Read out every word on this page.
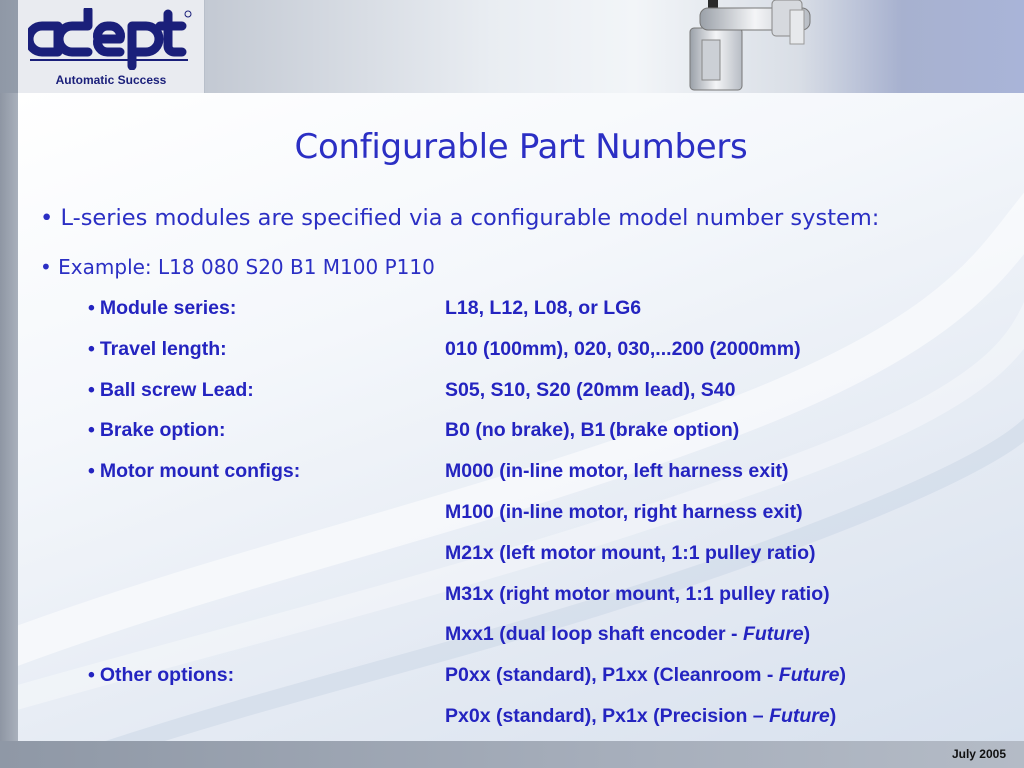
Automatic Success
Configurable Part Numbers
• L-series modules are specified via a configurable model number system:
• Example: L18 080 S20 B1 M100 P110
• Module series:	L18, L12, L08, or LG6
• Travel length:	010 (100mm), 020, 030,...200 (2000mm)
• Ball screw Lead:	S05, S10, S20 (20mm lead), S40
• Brake option:	B0 (no brake), B1 (brake option)
• Motor mount configs:	M000 (in-line motor, left harness exit)
M100 (in-line motor, right harness exit)
M21x (left motor mount, 1:1 pulley ratio)
M31x (right motor mount, 1:1 pulley ratio)
Mxx1 (dual loop shaft encoder - Future)
• Other options:	P0xx (standard), P1xx (Cleanroom - Future)
Px0x (standard), Px1x (Precision – Future)
July 2005
